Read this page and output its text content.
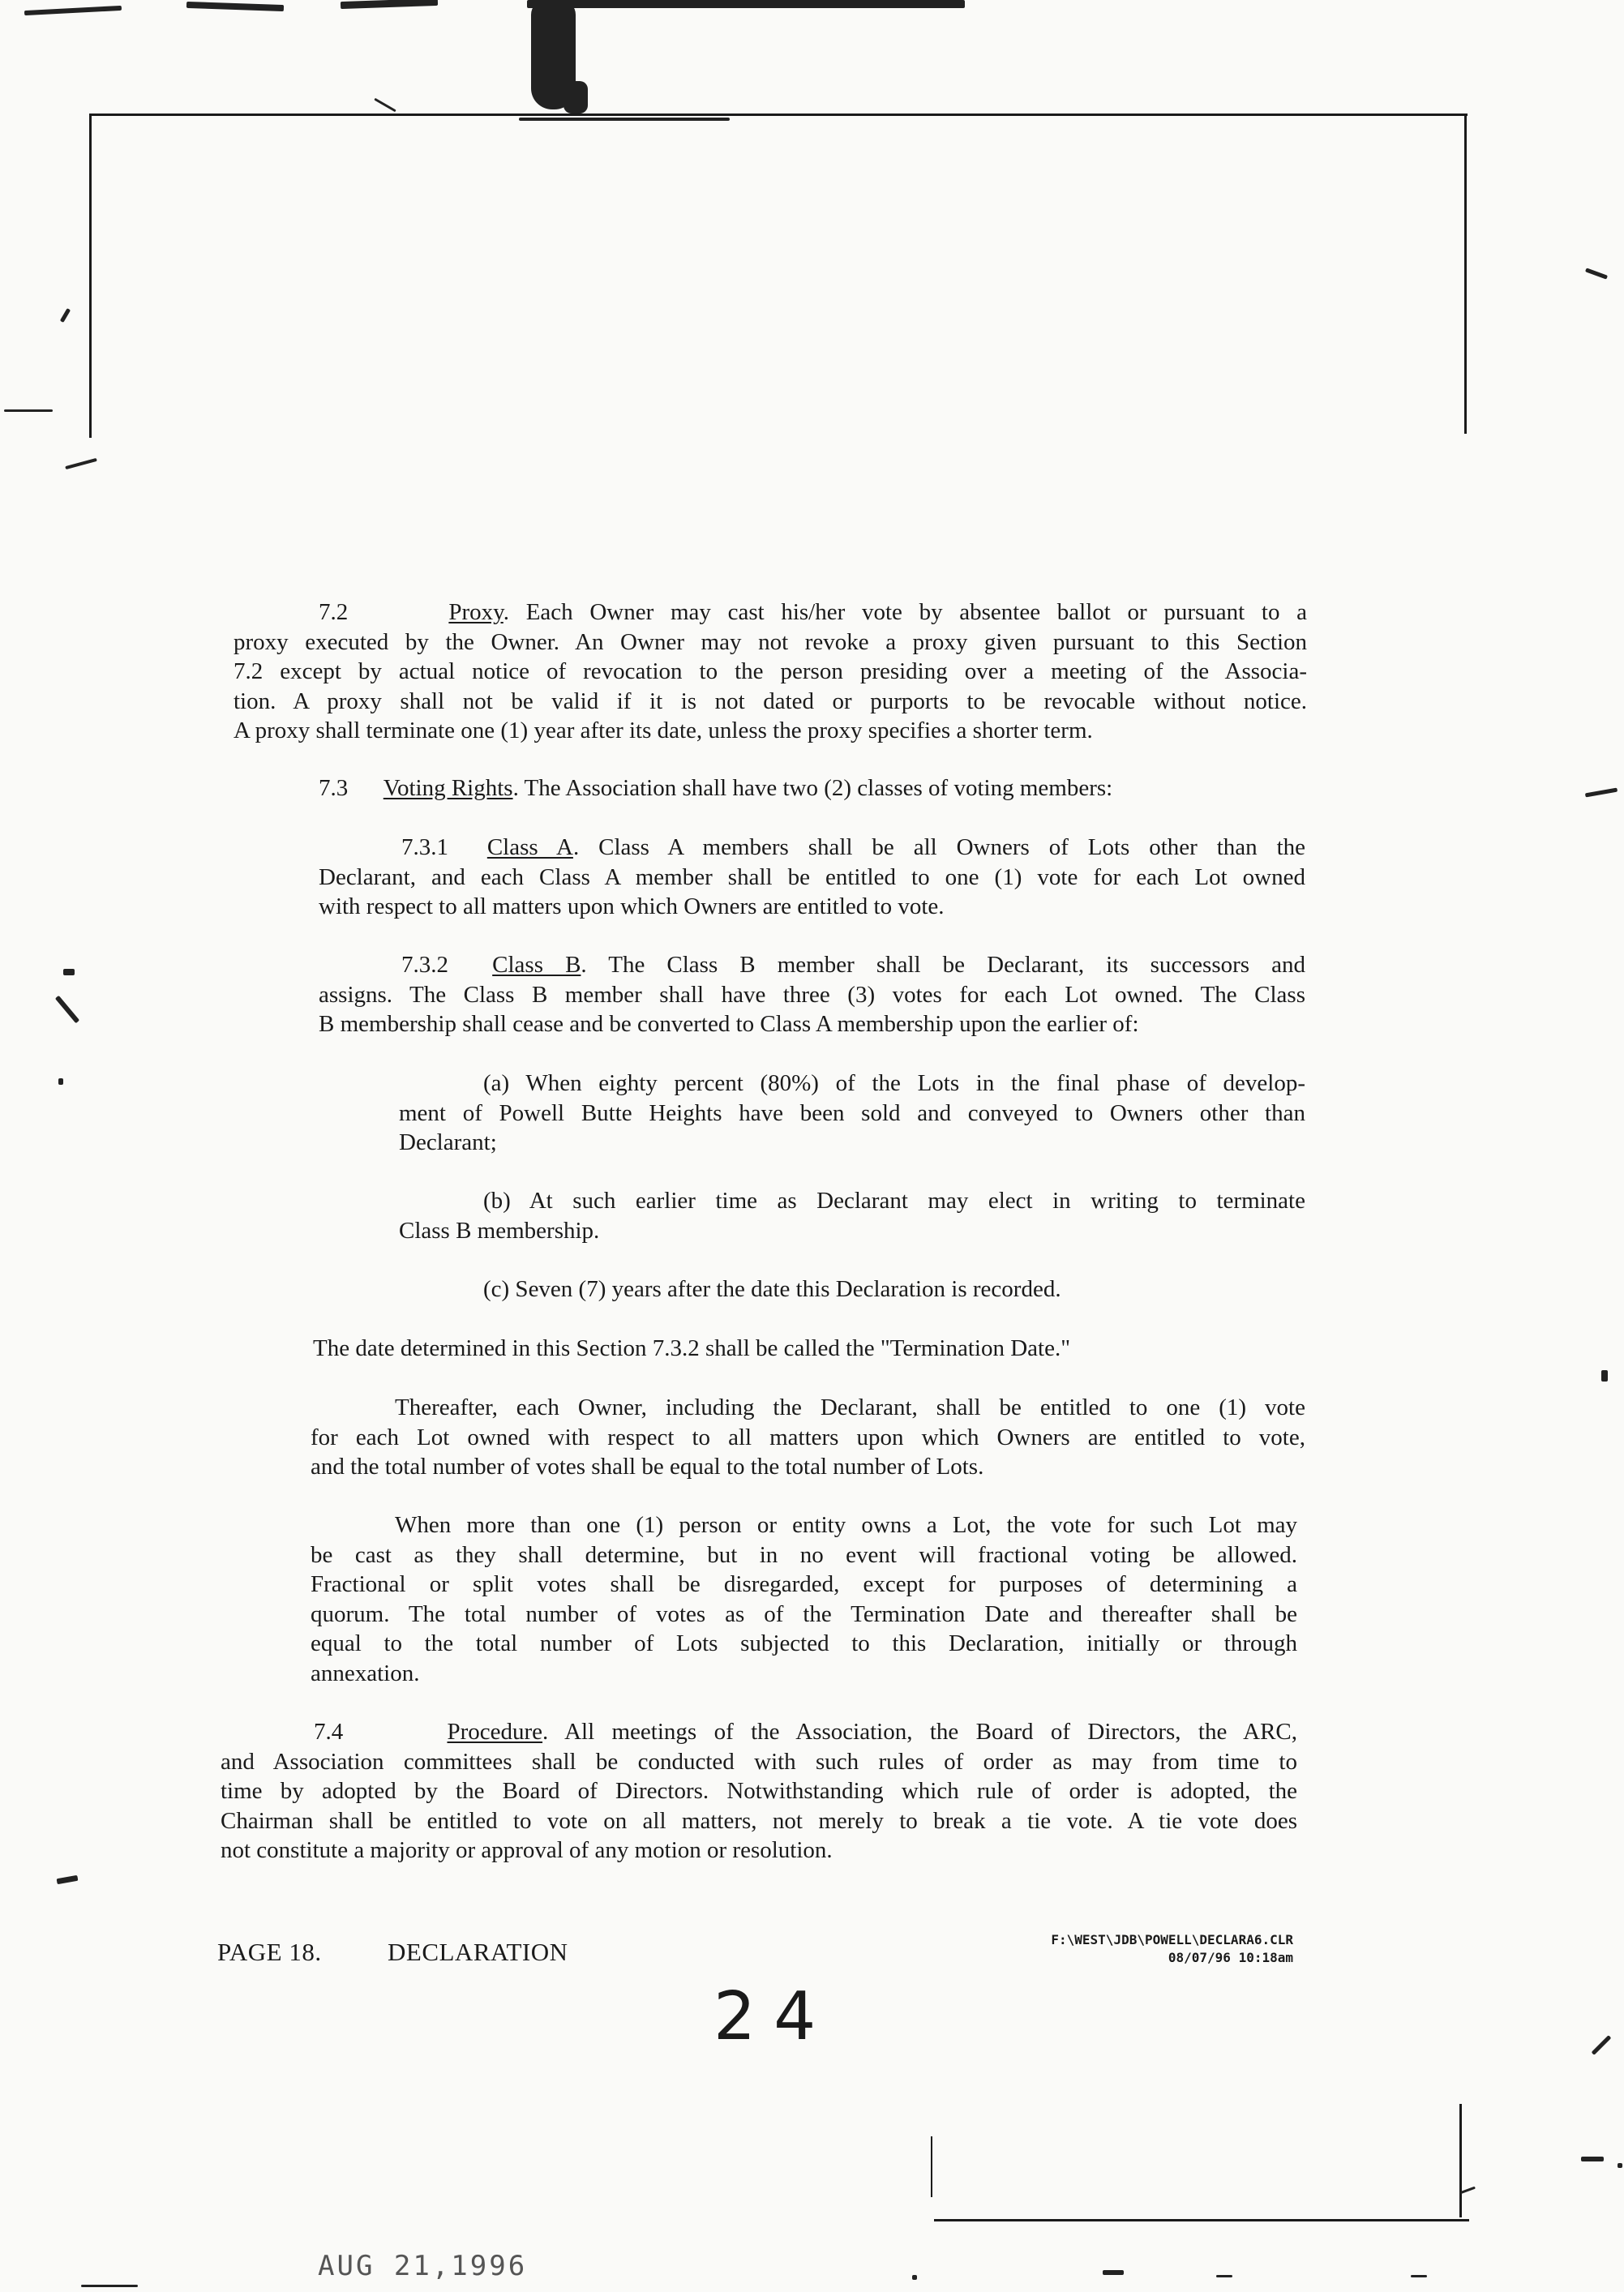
7.2	Proxy. Each Owner may cast his/her vote by absentee ballot or pursuant to a
proxy executed by the Owner. An Owner may not revoke a proxy given pursuant to this Section
7.2 except by actual notice of revocation to the person presiding over a meeting of the Associa-
tion. A proxy shall not be valid if it is not dated or purports to be revocable without notice.
A proxy shall terminate one (1) year after its date, unless the proxy specifies a shorter term.
7.3 Voting Rights. The Association shall have two (2) classes of voting members:
7.3.1 Class A. Class A members shall be all Owners of Lots other than the
Declarant, and each Class A member shall be entitled to one (1) vote for each Lot owned
with respect to all matters upon which Owners are entitled to vote.
7.3.2 Class B. The Class B member shall be Declarant, its successors and
assigns. The Class B member shall have three (3) votes for each Lot owned. The Class
B membership shall cease and be converted to Class A membership upon the earlier of:
(a) When eighty percent (80%) of the Lots in the final phase of develop-
ment of Powell Butte Heights have been sold and conveyed to Owners other than
Declarant;
(b) At such earlier time as Declarant may elect in writing to terminate
Class B membership.
(c) Seven (7) years after the date this Declaration is recorded.
The date determined in this Section 7.3.2 shall be called the "Termination Date."
Thereafter, each Owner, including the Declarant, shall be entitled to one (1) vote
for each Lot owned with respect to all matters upon which Owners are entitled to vote,
and the total number of votes shall be equal to the total number of Lots.
When more than one (1) person or entity owns a Lot, the vote for such Lot may
be cast as they shall determine, but in no event will fractional voting be allowed.
Fractional or split votes shall be disregarded, except for purposes of determining a
quorum. The total number of votes as of the Termination Date and thereafter shall be
equal to the total number of Lots subjected to this Declaration, initially or through
annexation.
7.4	Procedure. All meetings of the Association, the Board of Directors, the ARC,
and Association committees shall be conducted with such rules of order as may from time to
time by adopted by the Board of Directors. Notwithstanding which rule of order is adopted, the
Chairman shall be entitled to vote on all matters, not merely to break a tie vote. A tie vote does
not constitute a majority or approval of any motion or resolution.
PAGE 18.	DECLARATION	F:\WEST\JDB\POWELL\DECLARA6.CLR
08/07/96 10:18am
24
AUG 21,1996
